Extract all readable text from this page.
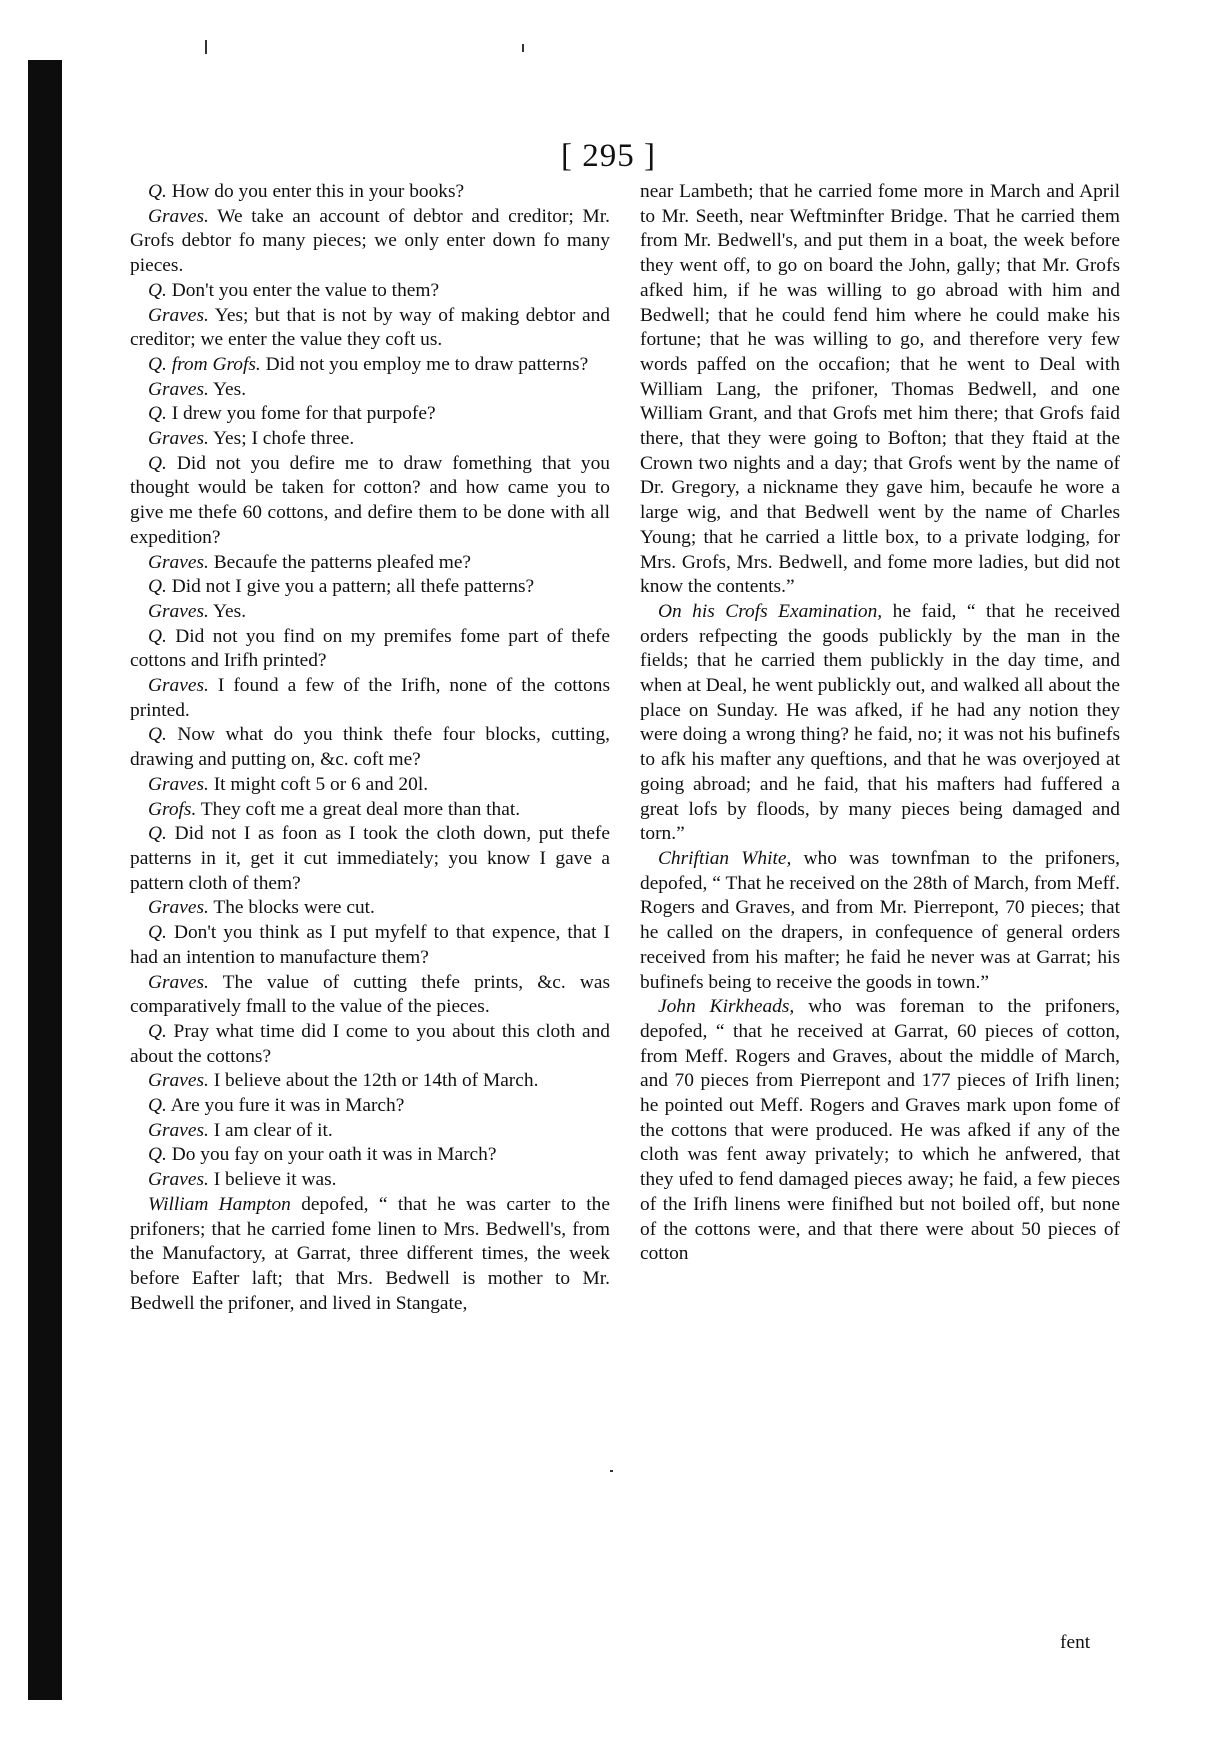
[ 295 ]

Q. How do you enter this in your books?

Graves. We take an account of debtor and creditor; Mr. Grofs debtor fo many pieces; we only enter down fo many pieces.

Q. Don't you enter the value to them?

Graves. Yes; but that is not by way of making debtor and creditor; we enter the value they coft us.

Q. from Grofs. Did not you employ me to draw patterns?

Graves. Yes.

Q. I drew you fome for that purpofe?

Graves. Yes; I chofe three.

Q. Did not you defire me to draw fomething that you thought would be taken for cotton? and how came you to give me thefe 60 cottons, and defire them to be done with all expedition?

Graves. Becaufe the patterns pleafed me?

Q. Did not I give you a pattern; all thefe patterns?

Graves. Yes.

Q. Did not you find on my premifes fome part of thefe cottons and Irifh printed?

Graves. I found a few of the Irifh, none of the cottons printed.

Q. Now what do you think thefe four blocks, cutting, drawing and putting on, &c. coft me?

Graves. It might coft 5 or 6 and 20l.

Grofs. They coft me a great deal more than that.

Q. Did not I as foon as I took the cloth down, put thefe patterns in it, get it cut immediately; you know I gave a pattern cloth of them?

Graves. The blocks were cut.

Q. Don't you think as I put myfelf to that expence, that I had an intention to manufacture them?

Graves. The value of cutting thefe prints, &c. was comparatively fmall to the value of the pieces.

Q. Pray what time did I come to you about this cloth and about the cottons?

Graves. I believe about the 12th or 14th of March.

Q. Are you fure it was in March?

Graves. I am clear of it.

Q. Do you fay on your oath it was in March?

Graves. I believe it was.

William Hampton depofed, “ that he was carter to the prifoners; that he carried fome linen to Mrs. Bedwell's, from the Manufactory, at Garrat, three different times, the week before Eafter laft; that Mrs. Bedwell is mother to Mr. Bedwell the prifoner, and lived in Stangate,

near Lambeth; that he carried fome more in March and April to Mr. Seeth, near Weftminfter Bridge. That he carried them from Mr. Bedwell's, and put them in a boat, the week before they went off, to go on board the John, gally; that Mr. Grofs afked him, if he was willing to go abroad with him and Bedwell; that he could fend him where he could make his fortune; that he was willing to go, and therefore very few words paffed on the occafion; that he went to Deal with William Lang, the prifoner, Thomas Bedwell, and one William Grant, and that Grofs met him there; that Grofs faid there, that they were going to Bofton; that they ftaid at the Crown two nights and a day; that Grofs went by the name of Dr. Gregory, a nickname they gave him, becaufe he wore a large wig, and that Bedwell went by the name of Charles Young; that he carried a little box, to a private lodging, for Mrs. Grofs, Mrs. Bedwell, and fome more ladies, but did not know the contents.”

On his Crofs Examination, he faid, “ that he received orders refpecting the goods publickly by the man in the fields; that he carried them publickly in the day time, and when at Deal, he went publickly out, and walked all about the place on Sunday. He was afked, if he had any notion they were doing a wrong thing? he faid, no; it was not his bufinefs to afk his mafter any queftions, and that he was overjoyed at going abroad; and he faid, that his mafters had fuffered a great lofs by floods, by many pieces being damaged and torn.”

Chriftian White, who was townfman to the prifoners, depofed, “ That he received on the 28th of March, from Meff. Rogers and Graves, and from Mr. Pierrepont, 70 pieces; that he called on the drapers, in confequence of general orders received from his mafter; he faid he never was at Garrat; his bufinefs being to receive the goods in town.”

John Kirkheads, who was foreman to the prifoners, depofed, “ that he received at Garrat, 60 pieces of cotton, from Meff. Rogers and Graves, about the middle of March, and 70 pieces from Pierrepont and 177 pieces of Irifh linen; he pointed out Meff. Rogers and Graves mark upon fome of the cottons that were produced. He was afked if any of the cloth was fent away privately; to which he anfwered, that they ufed to fend damaged pieces away; he faid, a few pieces of the Irifh linens were finifhed but not boiled off, but none of the cottons were, and that there were about 50 pieces of cotton

fent
